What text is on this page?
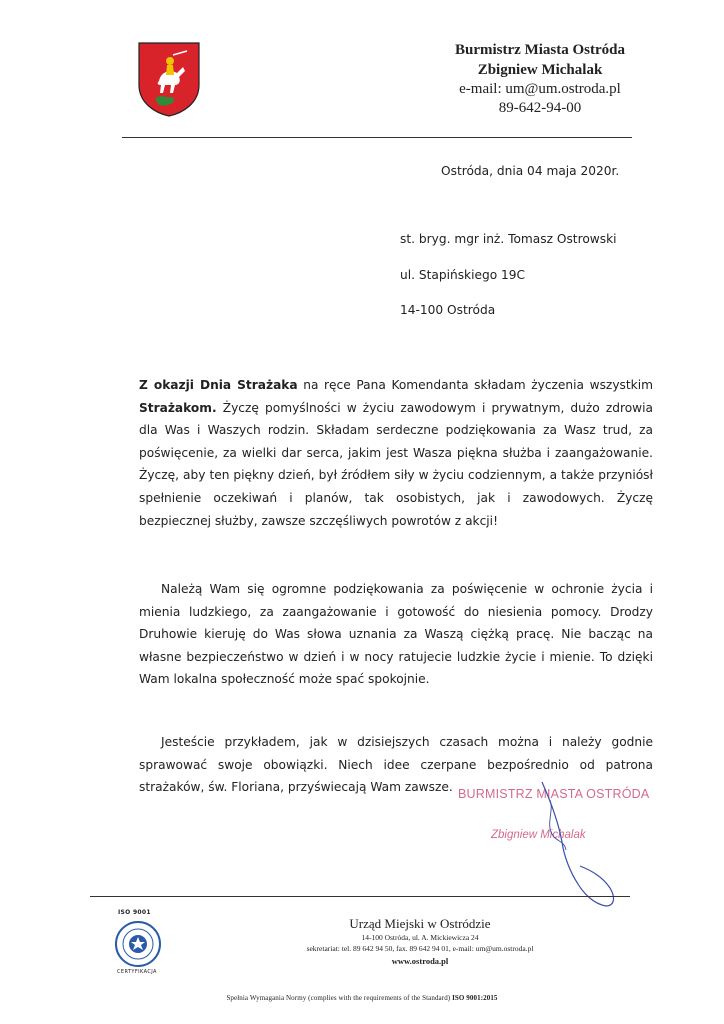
Burmistrz Miasta Ostróda
Zbigniew Michalak
e-mail: um@um.ostroda.pl
89-642-94-00
Ostróda, dnia 04 maja 2020r.
st. bryg. mgr inż. Tomasz Ostrowski
ul. Stapińskiego 19C
14-100 Ostróda
Z okazji Dnia Strażaka na ręce Pana Komendanta składam życzenia wszystkim Strażakom. Życzę pomyślności w życiu zawodowym i prywatnym, dużo zdrowia dla Was i Waszych rodzin. Składam serdeczne podziękowania za Wasz trud, za poświęcenie, za wielki dar serca, jakim jest Wasza piękna służba i zaangażowanie. Życzę, aby ten piękny dzień, był źródłem siły w życiu codziennym, a także przyniósł spełnienie oczekiwań i planów, tak osobistych, jak i zawodowych. Życzę bezpiecznej służby, zawsze szczęśliwych powrotów z akcji!
Należą Wam się ogromne podziękowania za poświęcenie w ochronie życia i mienia ludzkiego, za zaangażowanie i gotowość do niesienia pomocy. Drodzy Druhowie kieruję do Was słowa uznania za Waszą ciężką pracę. Nie bacząc na własne bezpieczeństwo w dzień i w nocy ratujecie ludzkie życie i mienie. To dzięki Wam lokalna społeczność może spać spokojnie.
Jesteście przykładem, jak w dzisiejszych czasach można i należy godnie sprawować swoje obowiązki. Niech idee czerpane bezpośrednio od patrona strażaków, św. Floriana, przyświecają Wam zawsze. BURMISTRZ MIASTA OSTRÓDA
Zbigniew Michalak
ISO 9001
CERTYFIKACJA
Urząd Miejski w Ostródzie
14-100 Ostróda, ul. A. Mickiewicza 24
sekretariat: tel. 89 642 94 50, fax. 89 642 94 01, e-mail: um@um.ostroda.pl
www.ostroda.pl
Spełnia Wymagania Normy (complies with the requirements of the Standard) ISO 9001:2015
